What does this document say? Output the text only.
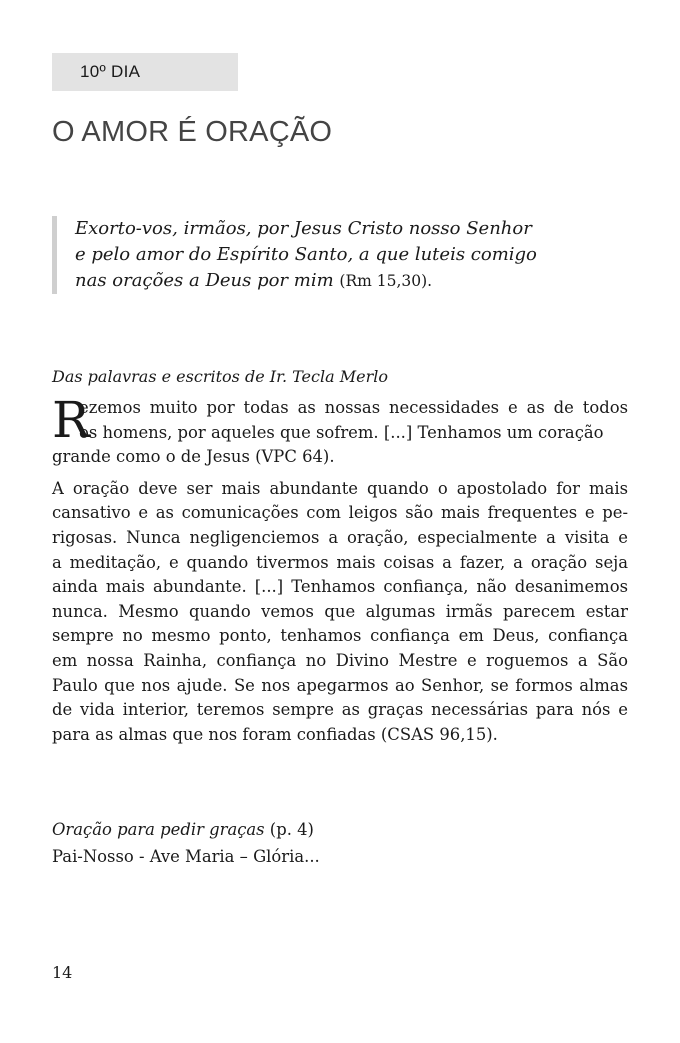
10º DIA
O AMOR É ORAÇÃO
Exorto-vos, irmãos, por Jesus Cristo nosso Senhor
e pelo amor do Espírito Santo, a que luteis comigo
nas orações a Deus por mim (Rm 15,30).
Das palavras e escritos de Ir. Tecla Merlo
R
ezemos muito por todas as nossas necessidades e as de todos
os homens, por aqueles que sofrem. [...] Tenhamos um coração
grande como o de Jesus (VPC 64).
A oração deve ser mais abundante quando o apostolado for mais
cansativo e as comunicações com leigos são mais frequentes e pe-
rigosas. Nunca negligenciemos a oração, especialmente a visita e
a meditação, e quando tivermos mais coisas a fazer, a oração seja
ainda mais abundante. [...] Tenhamos confiança, não desanimemos
nunca. Mesmo quando vemos que algumas irmãs parecem estar
sempre no mesmo ponto, tenhamos confiança em Deus, confiança
em nossa Rainha, confiança no Divino Mestre e roguemos a São
Paulo que nos ajude. Se nos apegarmos ao Senhor, se formos almas
de vida interior, teremos sempre as graças necessárias para nós e
para as almas que nos foram confiadas (CSAS 96,15).
Oração para pedir graças (p. 4)
Pai-Nosso - Ave Maria – Glória...
14
